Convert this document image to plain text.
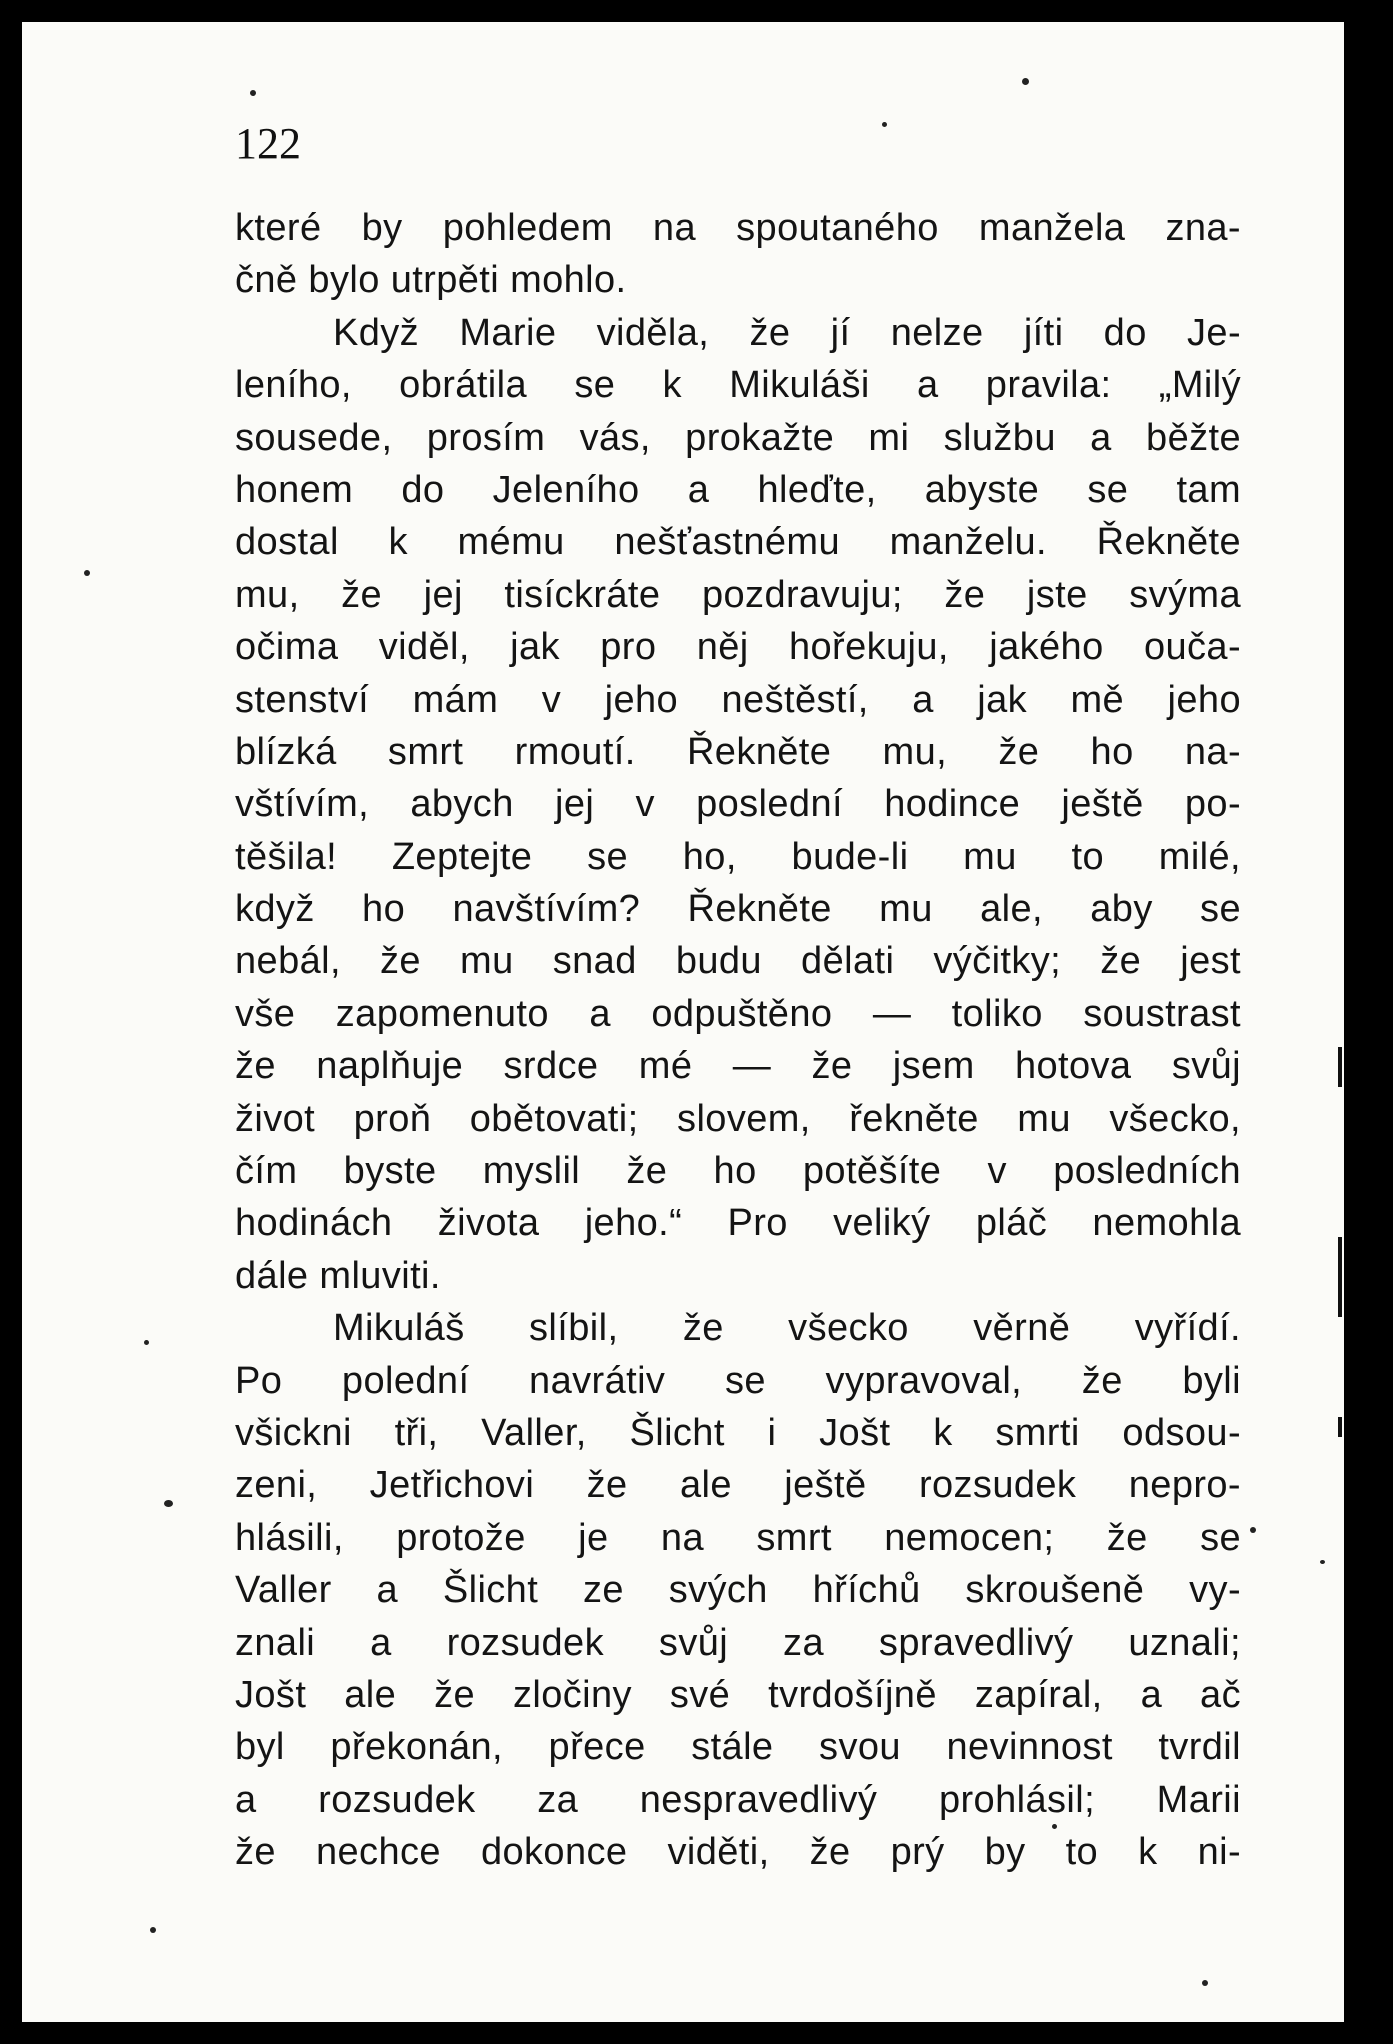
122
které by pohledem na spoutaného manžela zna-
čně bylo utrpěti mohlo.
Když Marie viděla, že jí nelze jíti do Je-
leního, obrátila se k Mikuláši a pravila: „Milý
sousede, prosím vás, prokažte mi službu a běžte
honem do Jeleního a hleďte, abyste se tam
dostal k mému nešťastnému manželu. Řekněte
mu, že jej tisíckráte pozdravuju; že jste svýma
očima viděl, jak pro něj hořekuju, jakého ouča-
stenství mám v jeho neštěstí, a jak mě jeho
blízká smrt rmoutí. Řekněte mu, že ho na-
vštívím, abych jej v poslední hodince ještě po-
těšila! Zeptejte se ho, bude-li mu to milé,
když ho navštívím? Řekněte mu ale, aby se
nebál, že mu snad budu dělati výčitky; že jest
vše zapomenuto a odpuštěno — toliko soustrast
že naplňuje srdce mé — že jsem hotova svůj
život proň obětovati; slovem, řekněte mu všecko,
čím byste myslil že ho potěšíte v posledních
hodinách života jeho.“ Pro veliký pláč nemohla
dále mluviti.
Mikuláš slíbil, že všecko věrně vyřídí.
Po polední navrátiv se vypravoval, že byli
všickni tři, Valler, Šlicht i Jošt k smrti odsou-
zeni, Jetřichovi že ale ještě rozsudek nepro-
hlásili, protože je na smrt nemocen; že se
Valler a Šlicht ze svých hříchů skroušeně vy-
znali a rozsudek svůj za spravedlivý uznali;
Jošt ale že zločiny své tvrdošíjně zapíral, a ač
byl překonán, přece stále svou nevinnost tvrdil
a rozsudek za nespravedlivý prohlásil; Marii
že nechce dokonce viděti, že prý by to k ni-
